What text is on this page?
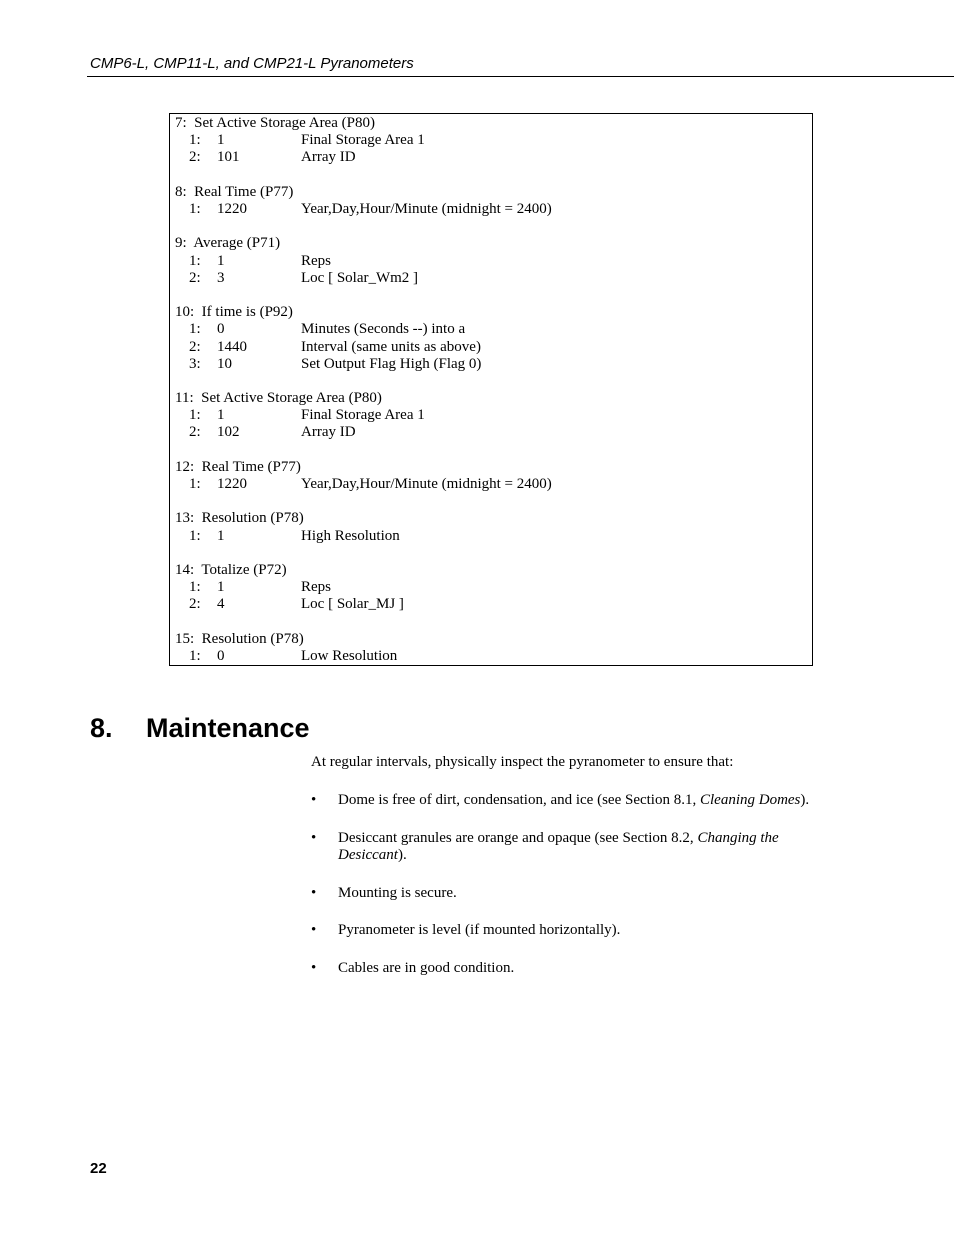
CMP6-L, CMP11-L, and CMP21-L Pyranometers
7:  Set Active Storage Area (P80)
1: 1	Final Storage Area 1
2: 101	Array ID
8:  Real Time (P77)
1: 1220	Year,Day,Hour/Minute (midnight = 2400)
9:  Average (P71)
1: 1	Reps
2: 3	Loc [ Solar_Wm2 ]
10:  If time is (P92)
1: 0	Minutes (Seconds --) into a
2: 1440	Interval (same units as above)
3: 10	Set Output Flag High (Flag 0)
11:  Set Active Storage Area (P80)
1: 1	Final Storage Area 1
2: 102	Array ID
12:  Real Time (P77)
1: 1220	Year,Day,Hour/Minute (midnight = 2400)
13:  Resolution (P78)
1: 1	High Resolution
14:  Totalize (P72)
1: 1	Reps
2: 4	Loc [ Solar_MJ ]
15:  Resolution (P78)
1: 0	Low Resolution
8. Maintenance
At regular intervals, physically inspect the pyranometer to ensure that:
• Dome is free of dirt, condensation, and ice (see Section 8.1, Cleaning Domes).
• Desiccant granules are orange and opaque (see Section 8.2, Changing the Desiccant).
• Mounting is secure.
• Pyranometer is level (if mounted horizontally).
• Cables are in good condition.
22
